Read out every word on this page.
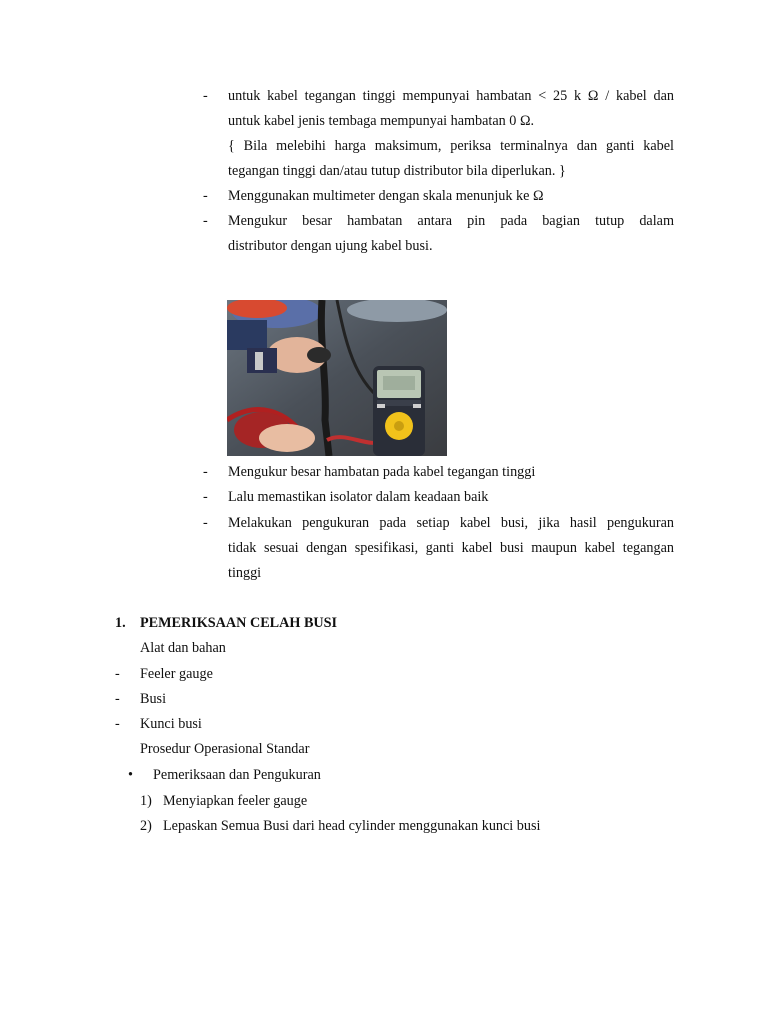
- untuk kabel tegangan tinggi mempunyai hambatan < 25 k Ω / kabel dan
untuk kabel jenis tembaga mempunyai hambatan 0 Ω.
{ Bila melebihi harga maksimum, periksa terminalnya dan ganti kabel
tegangan tinggi dan/atau tutup distributor bila diperlukan. }
- Menggunakan multimeter dengan skala menunjuk ke Ω
- Mengukur besar hambatan antara pin pada bagian tutup dalam
distributor dengan ujung kabel busi.
- Mengukur besar hambatan pada kabel tegangan tinggi
- Lalu memastikan isolator dalam keadaan baik
- Melakukan pengukuran pada setiap kabel busi, jika hasil pengukuran
tidak sesuai dengan spesifikasi, ganti kabel busi maupun kabel tegangan
tinggi
1. PEMERIKSAAN CELAH BUSI
Alat dan bahan
- Feeler gauge
- Busi
- Kunci busi
Prosedur Operasional Standar
• Pemeriksaan dan Pengukuran
1) Menyiapkan feeler gauge
2) Lepaskan Semua Busi dari head cylinder menggunakan kunci busi
